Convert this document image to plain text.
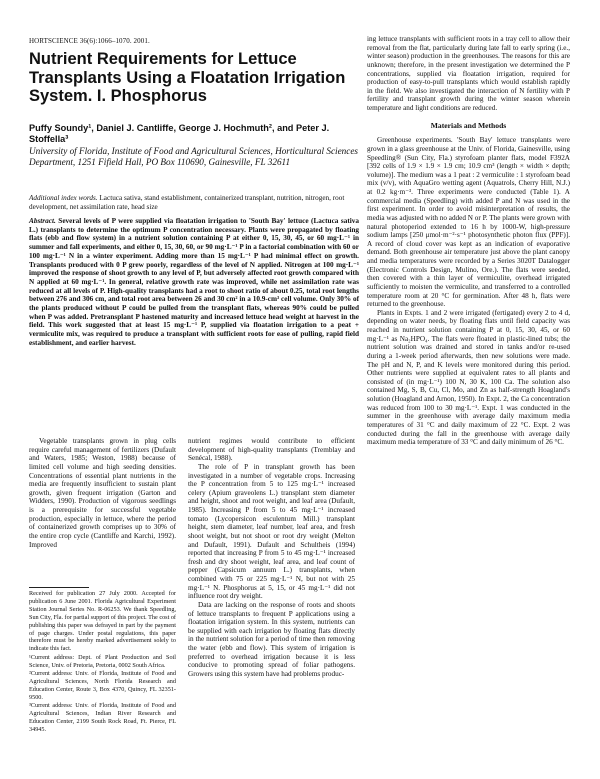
HORTSCIENCE 36(6):1066–1070. 2001.
Nutrient Requirements for Lettuce Transplants Using a Floatation Irrigation System. I. Phosphorus
Puffy Soundy¹, Daniel J. Cantliffe, George J. Hochmuth², and Peter J. Stoffella³
University of Florida, Institute of Food and Agricultural Sciences, Horticultural Sciences Department, 1251 Fifield Hall, PO Box 110690, Gainesville, FL 32611
Additional index words. Lactuca sativa, stand establishment, containerized transplant, nutrition, nitrogen, root development, net assimilation rate, head size
Abstract. Several levels of P were supplied via floatation irrigation to 'South Bay' lettuce (Lactuca sativa L.) transplants to determine the optimum P concentration necessary. Plants were propagated by floating flats (ebb and flow system) in a nutrient solution containing P at either 0, 15, 30, 45, or 60 mg·L⁻¹ in summer and fall experiments, and either 0, 15, 30, 60, or 90 mg·L⁻¹ P in a factorial combination with 60 or 100 mg·L⁻¹ N in a winter experiment. Adding more than 15 mg·L⁻¹ P had minimal effect on growth. Transplants produced with 0 P grew poorly, regardless of the level of N applied. Nitrogen at 100 mg·L⁻¹ improved the response of shoot growth to any level of P, but adversely affected root growth compared with N applied at 60 mg·L⁻¹. In general, relative growth rate was improved, while net assimilation rate was reduced at all levels of P. High-quality transplants had a root to shoot ratio of about 0.25, total root lengths between 276 and 306 cm, and total root area between 26 and 30 cm² in a 10.9-cm³ cell volume. Only 30% of the plants produced without P could be pulled from the transplant flats, whereas 90% could be pulled when P was added. Pretransplant P hastened maturity and increased lettuce head weight at harvest in the field. This work suggested that at least 15 mg·L⁻¹ P, supplied via floatation irrigation to a peat + vermiculite mix, was required to produce a transplant with sufficient roots for ease of pulling, rapid field establishment, and earlier harvest.

Vegetable transplants grown in plug cells require careful management of fertilizers (Dufault and Waters, 1985; Weston, 1988) because of limited cell volume and high seeding densities. Concentrations of essential plant nutrients in the media are frequently insufficient to sustain plant growth, given frequent irrigation (Garton and Widders, 1990). Production of vigorous seedlings is a prerequisite for successful vegetable production, especially in lettuce, where the period of containerized growth comprises up to 30% of the entire crop cycle (Cantliffe and Karchi, 1992). Improved

Received for publication 27 July 2000. Accepted for publication 6 June 2001. Florida Agricultural Experiment Station Journal Series No. R-06253. We thank Speedling, Sun City, Fla. for partial support of this project. The cost of publishing this paper was defrayed in part by the payment of page charges. Under postal regulations, this paper therefore must be hereby marked advertisement solely to indicate this fact.

¹Current address: Dept. of Plant Production and Soil Science, Univ. of Pretoria, Pretoria, 0002 South Africa.

²Current address: Univ. of Florida, Institute of Food and Agricultural Sciences, North Florida Research and Education Center, Route 3, Box 4370, Quincy, FL 32351-9500.

³Current address: Univ. of Florida, Institute of Food and Agricultural Sciences, Indian River Research and Education Center, 2199 South Rock Road, Ft. Pierce, FL 34945.

nutrient regimes would contribute to efficient development of high-quality transplants (Tremblay and Senécal, 1988).

The role of P in transplant growth has been investigated in a number of vegetable crops. Increasing the P concentration from 5 to 125 mg·L⁻¹ increased celery (Apium graveolens L.) transplant stem diameter and height, shoot and root weight, and leaf area (Dufault, 1985). Increasing P from 5 to 45 mg·L⁻¹ increased tomato (Lycopersicon esculentum Mill.) transplant height, stem diameter, leaf number, leaf area, and fresh shoot weight, but not shoot or root dry weight (Melton and Dufault, 1991). Dufault and Schultheis (1994) reported that increasing P from 5 to 45 mg·L⁻¹ increased fresh and dry shoot weight, leaf area, and leaf count of pepper (Capsicum annuum L.) transplants, when combined with 75 or 225 mg·L⁻¹ N, but not with 25 mg·L⁻¹ N. Phosphorus at 5, 15, or 45 mg·L⁻¹ did not influence root dry weight.

Data are lacking on the response of roots and shoots of lettuce transplants to frequent P applications using a floatation irrigation system. In this system, nutrients can be supplied with each irrigation by floating flats directly in the nutrient solution for a period of time then removing the water (ebb and flow). This system of irrigation is preferred to overhead irrigation because it is less conducive to promoting spread of foliar pathogens. Growers using this system have had problems produc-

ing lettuce transplants with sufficient roots in a tray cell to allow their removal from the flat, particularly during late fall to early spring (i.e., winter season) production in the greenhouses. The reasons for this are unknown; therefore, in the present investigation we determined the P concentrations, supplied via floatation irrigation, required for production of easy-to-pull transplants which would establish rapidly in the field. We also investigated the interaction of N fertility with P fertility and transplant growth during the winter season wherein temperature and light conditions are reduced.

Materials and Methods

Greenhouse experiments. 'South Bay' lettuce transplants were grown in a glass greenhouse at the Univ. of Florida, Gainesville, using Speedling® (Sun City, Fla.) styrofoam planter flats, model F392A [392 cells of 1.9 × 1.9 × 1.9 cm; 10.9 cm³ (length × width × depth; volume)]. The medium was a 1 peat : 2 vermiculite : 1 styrofoam bead mix (v/v), with AquaGro wetting agent (Aquatrols, Cherry Hill, N.J.) at 0.2 kg·m⁻³. Three experiments were conducted (Table 1). A commercial media (Speedling) with added P and N was used in the first experiment. In order to avoid misinterpretation of results, the media was adjusted with no added N or P. The plants were grown with natural photoperiod extended to 16 h by 1000-W, high-pressure sodium lamps [250 μmol·m⁻²·s⁻¹ photosynthetic photon flux (PPF)]. A record of cloud cover was kept as an indication of evaporative demand. Both greenhouse air temperature just above the plant canopy and media temperatures were recorded by a Series 3020T Datalogger (Electronic Controls Design, Mulino, Ore.). The flats were seeded, then covered with a thin layer of vermiculite, overhead irrigated sufficiently to moisten the vermiculite, and transferred to a controlled temperature room at 20 °C for germination. After 48 h, flats were returned to the greenhouse.

Plants in Expts. 1 and 2 were irrigated (fertigated) every 2 to 4 d, depending on water needs, by floating flats until field capacity was reached in nutrient solution containing P at 0, 15, 30, 45, or 60 mg·L⁻¹ as Na₂HPO₄. The flats were floated in plastic-lined tubs; the nutrient solution was drained and stored in tanks and/or re-used during a 1-week period afterwards, then new solutions were made. The pH and N, P, and K levels were monitored during this period. Other nutrients were supplied at equivalent rates to all plants and consisted of (in mg·L⁻¹) 100 N, 30 K, 100 Ca. The solution also contained Mg, S, B, Cu, Cl, Mo, and Zn as half-strength Hoagland's solution (Hoagland and Arnon, 1950). In Expt. 2, the Ca concentration was reduced from 100 to 30 mg·L⁻¹. Expt. 1 was conducted in the summer in the greenhouse with average daily maximum media temperatures of 31 °C and daily maximum of 22 °C. Expt. 2 was conducted during the fall in the greenhouse with average daily maximum media temperature of 33 °C and daily minimum of 26 °C.
